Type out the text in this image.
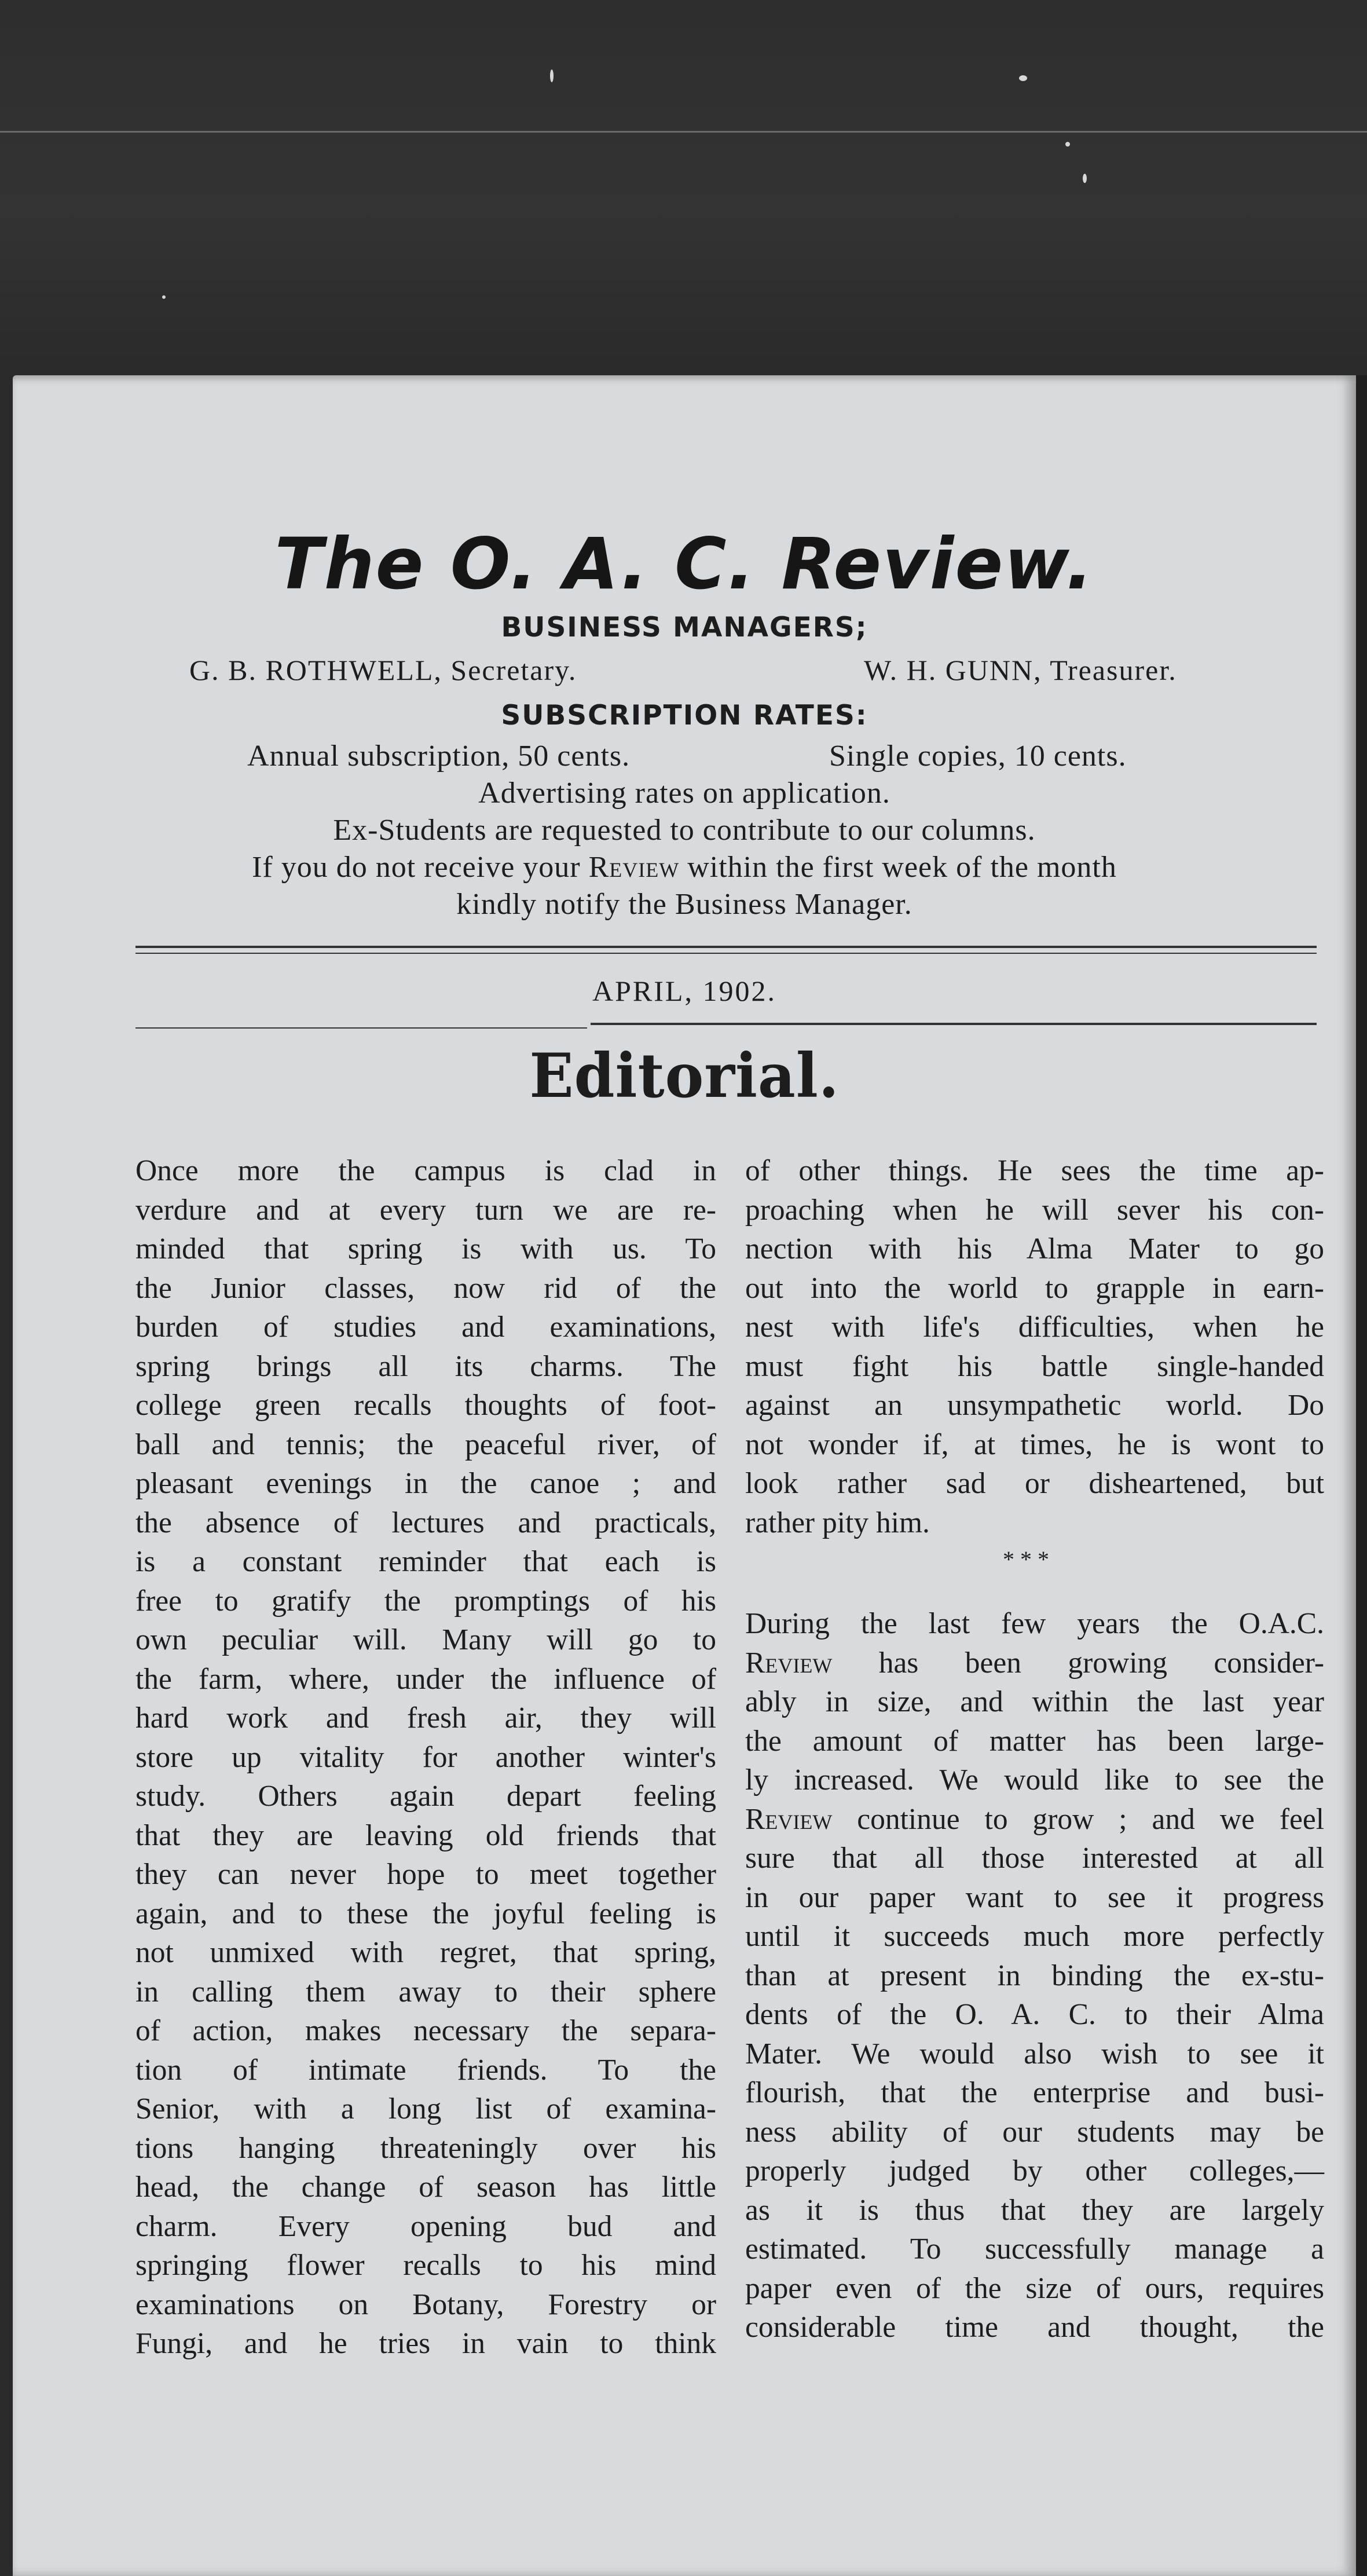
The O. A. C. Review.
BUSINESS MANAGERS;
G. B. ROTHWELL, Secretary.	W. H. GUNN, Treasurer.
SUBSCRIPTION RATES:
Annual subscription, 50 cents.	Single copies, 10 cents.
Advertising rates on application.
Ex-Students are requested to contribute to our columns.
If you do not receive your Review within the first week of the month
kindly notify the Business Manager.
APRIL, 1902.
Editorial.
Once more the campus is clad in
verdure and at every turn we are re-
minded that spring is with us. To
the Junior classes, now rid of the
burden of studies and examinations,
spring brings all its charms. The
college green recalls thoughts of foot-
ball and tennis; the peaceful river, of
pleasant evenings in the canoe ; and
the absence of lectures and practicals,
is a constant reminder that each is
free to gratify the promptings of his
own peculiar will. Many will go to
the farm, where, under the influence of
hard work and fresh air, they will
store up vitality for another winter's
study. Others again depart feeling
that they are leaving old friends that
they can never hope to meet together
again, and to these the joyful feeling is
not unmixed with regret, that spring,
in calling them away to their sphere
of action, makes necessary the separa-
tion of intimate friends. To the
Senior, with a long list of examina-
tions hanging threateningly over his
head, the change of season has little
charm. Every opening bud and
springing flower recalls to his mind
examinations on Botany, Forestry or
Fungi, and he tries in vain to think
of other things. He sees the time ap-
proaching when he will sever his con-
nection with his Alma Mater to go
out into the world to grapple in earn-
nest with life's difficulties, when he
must fight his battle single-handed
against an unsympathetic world. Do
not wonder if, at times, he is wont to
look rather sad or disheartened, but
rather pity him.
* * *
During the last few years the O.A.C.
Review has been growing consider-
ably in size, and within the last year
the amount of matter has been large-
ly increased. We would like to see the
Review continue to grow ; and we feel
sure that all those interested at all
in our paper want to see it progress
until it succeeds much more perfectly
than at present in binding the ex-stu-
dents of the O. A. C. to their Alma
Mater. We would also wish to see it
flourish, that the enterprise and busi-
ness ability of our students may be
properly judged by other colleges,—
as it is thus that they are largely
estimated. To successfully manage a
paper even of the size of ours, requires
considerable time and thought, the
